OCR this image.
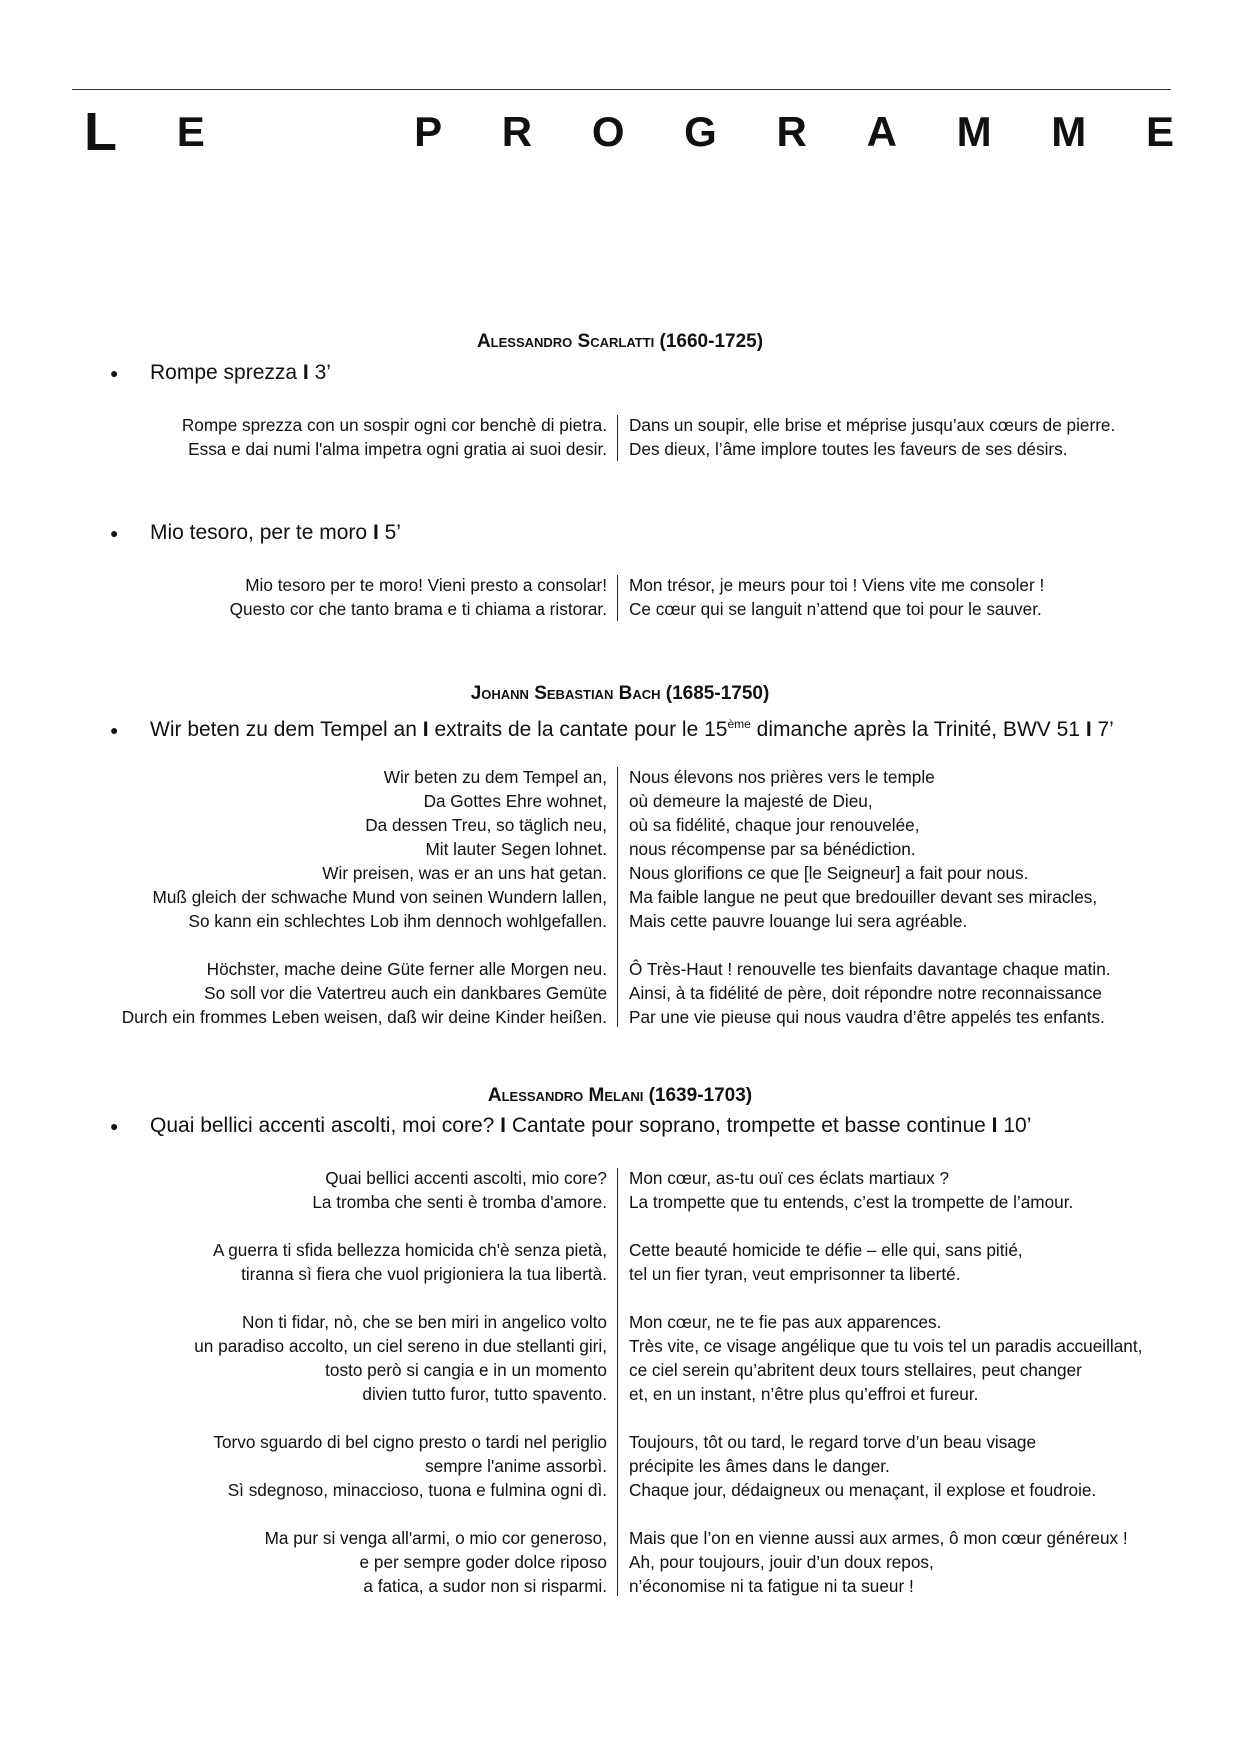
L E	P R O G R A M M E
Alessandro Scarlatti (1660-1725)
● Rompe sprezza I 3’
Rompe sprezza con un sospir ogni cor benchè di pietra.
Essa e dai numi l'alma impetra ogni gratia ai suoi desir.
Dans un soupir, elle brise et méprise jusqu’aux cœurs de pierre.
Des dieux, l’âme implore toutes les faveurs de ses désirs.
● Mio tesoro, per te moro I 5’
Mio tesoro per te moro! Vieni presto a consolar!
Questo cor che tanto brama e ti chiama a ristorar.
Mon trésor, je meurs pour toi ! Viens vite me consoler !
Ce cœur qui se languit n’attend que toi pour le sauver.
Johann Sebastian Bach (1685-1750)
● Wir beten zu dem Tempel an I extraits de la cantate pour le 15ème dimanche après la Trinité, BWV 51 I 7’
Wir beten zu dem Tempel an,
Da Gottes Ehre wohnet,
Da dessen Treu, so täglich neu,
Mit lauter Segen lohnet.
Wir preisen, was er an uns hat getan.
Muß gleich der schwache Mund von seinen Wundern lallen,
So kann ein schlechtes Lob ihm dennoch wohlgefallen.
Höchster, mache deine Güte ferner alle Morgen neu.
So soll vor die Vatertreu auch ein dankbares Gemüte
Durch ein frommes Leben weisen, daß wir deine Kinder heißen.
Nous élevons nos prières vers le temple
où demeure la majesté de Dieu,
où sa fidélité, chaque jour renouvelée,
nous récompense par sa bénédiction.
Nous glorifions ce que [le Seigneur] a fait pour nous.
Ma faible langue ne peut que bredouiller devant ses miracles,
Mais cette pauvre louange lui sera agréable.
Ô Très-Haut ! renouvelle tes bienfaits davantage chaque matin.
Ainsi, à ta fidélité de père, doit répondre notre reconnaissance
Par une vie pieuse qui nous vaudra d’être appelés tes enfants.
Alessandro Melani (1639-1703)
● Quai bellici accenti ascolti, moi core? I Cantate pour soprano, trompette et basse continue I 10’
Quai bellici accenti ascolti, mio core?
La tromba che senti è tromba d'amore.
A guerra ti sfida bellezza homicida ch'è senza pietà,
tiranna sì fiera che vuol prigioniera la tua libertà.
Non ti fidar, nò, che se ben miri in angelico volto
un paradiso accolto, un ciel sereno in due stellanti giri,
tosto però si cangia e in un momento
divien tutto furor, tutto spavento.
Torvo sguardo di bel cigno presto o tardi nel periglio
sempre l'anime assorbì.
Sì sdegnoso, minaccioso, tuona e fulmina ogni dì.
Ma pur si venga all'armi, o mio cor generoso,
e per sempre goder dolce riposo
a fatica, a sudor non si risparmi.
Mon cœur, as-tu ouï ces éclats martiaux ?
La trompette que tu entends, c’est la trompette de l’amour.
Cette beauté homicide te défie – elle qui, sans pitié,
tel un fier tyran, veut emprisonner ta liberté.
Mon cœur, ne te fie pas aux apparences.
Très vite, ce visage angélique que tu vois tel un paradis accueillant,
ce ciel serein qu’abritent deux tours stellaires, peut changer
et, en un instant, n’être plus qu’effroi et fureur.
Toujours, tôt ou tard, le regard torve d’un beau visage
précipite les âmes dans le danger.
Chaque jour, dédaigneux ou menaçant, il explose et foudroie.
Mais que l’on en vienne aussi aux armes, ô mon cœur généreux !
Ah, pour toujours, jouir d’un doux repos,
n’économise ni ta fatigue ni ta sueur !
